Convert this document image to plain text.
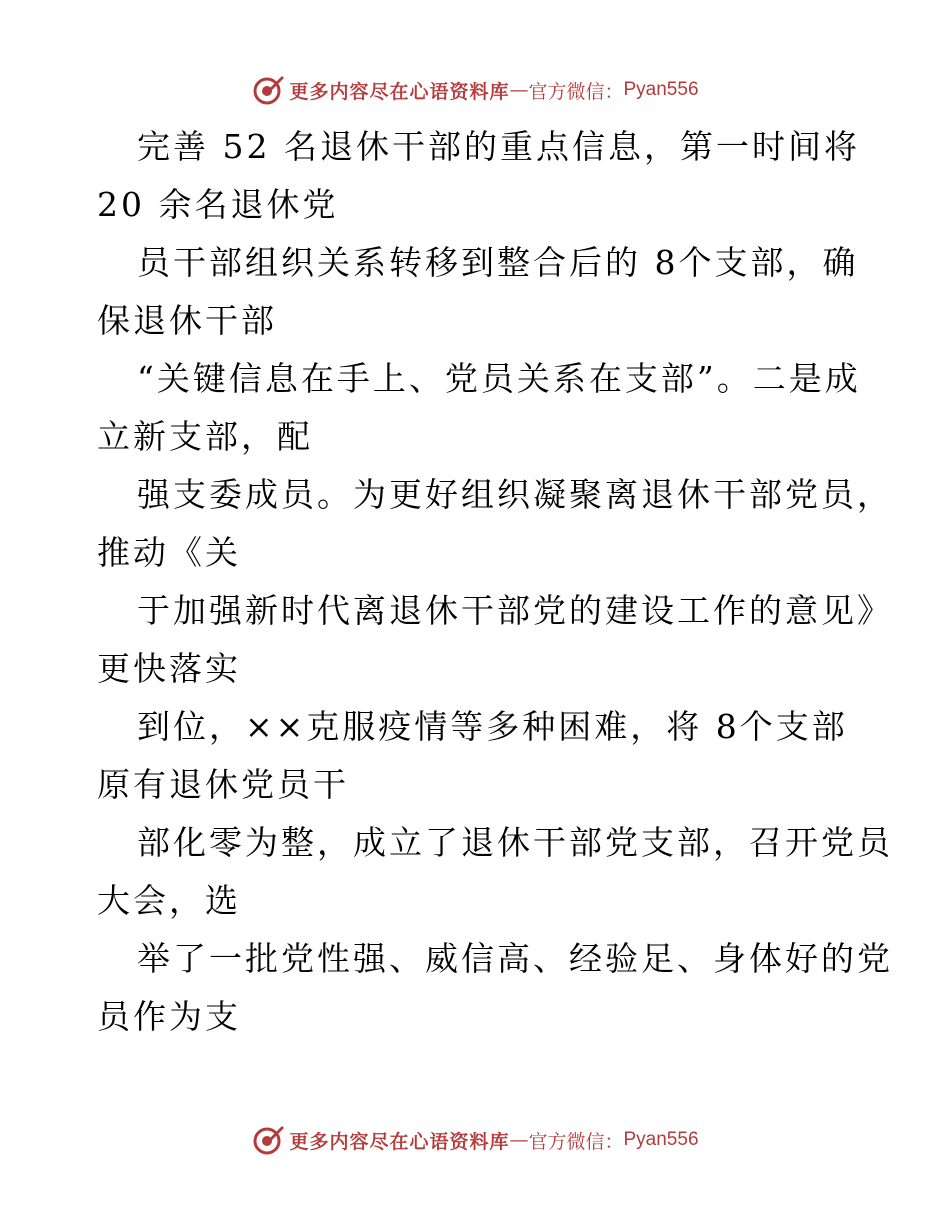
更多内容尽在心语资料库 — 官方微信： Pyan556
完善 52 名退休干部的重点信息，第一时间将
20 余名退休党
员干部组织关系转移到整合后的 8个支部，确
保退休干部
“关键信息在手上、党员关系在支部”。二是成
立新支部，配
强支委成员。为更好组织凝聚离退休干部党员，
推动《关
于加强新时代离退休干部党的建设工作的意见》
更快落实
到位，××克服疫情等多种困难，将 8个支部
原有退休党员干
部化零为整，成立了退休干部党支部，召开党员
大会，选
举了一批党性强、威信高、经验足、身体好的党
员作为支
更多内容尽在心语资料库 — 官方微信： Pyan556
